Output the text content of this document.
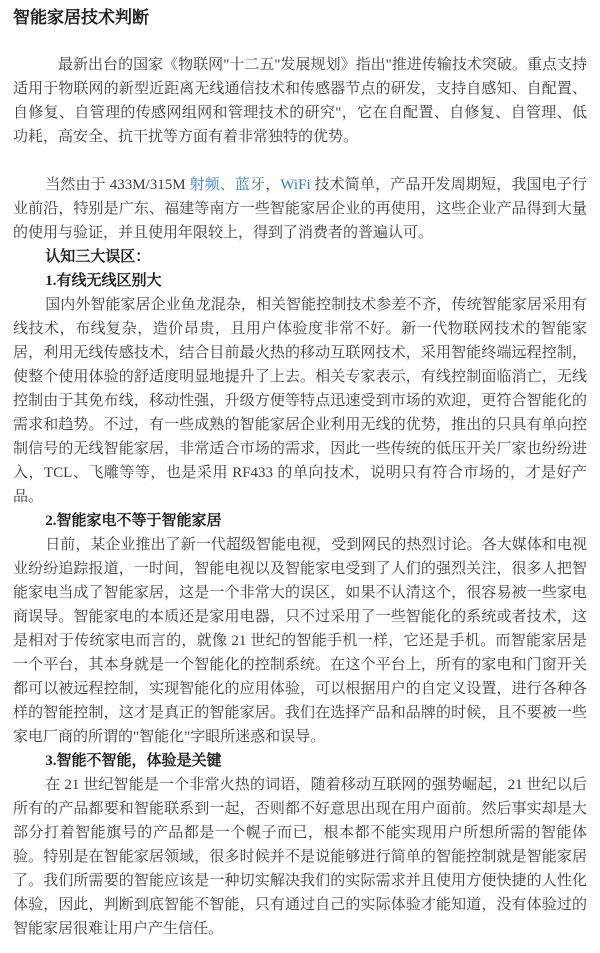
智能家居技术判断

最新出台的国家《物联网"十二五"发展规划》指出"推进传输技术突破。重点支持适用于物联网的新型近距离无线通信技术和传感器节点的研发，支持自感知、自配置、自修复、自管理的传感网组网和管理技术的研究"，它在自配置、自修复、自管理、低功耗，高安全、抗干扰等方面有着非常独特的优势。

当然由于 433M/315M 射频、蓝牙，WiFi 技术简单，产品开发周期短，我国电子行业前沿，特别是广东、福建等南方一些智能家居企业的再使用，这些企业产品得到大量的使用与验证，并且使用年限较上，得到了消费者的普遍认可。

认知三大误区：

1.有线无线区别大

国内外智能家居企业鱼龙混杂，相关智能控制技术参差不齐，传统智能家居采用有线技术，布线复杂，造价昂贵，且用户体验度非常不好。新一代物联网技术的智能家居，利用无线传感技术，结合目前最火热的移动互联网技术，采用智能终端远程控制，使整个使用体验的舒适度明显地提升了上去。相关专家表示，有线控制面临消亡，无线控制由于其免布线，移动性强，升级方便等特点迅速受到市场的欢迎，更符合智能化的需求和趋势。不过，有一些成熟的智能家居企业利用无线的优势，推出的只具有单向控制信号的无线智能家居，非常适合市场的需求，因此一些传统的低压开关厂家也纷纷进入，TCL、飞雕等等，也是采用 RF433 的单向技术，说明只有符合市场的，才是好产品。

2.智能家电不等于智能家居

日前，某企业推出了新一代超级智能电视，受到网民的热烈讨论。各大媒体和电视业纷纷追踪报道，一时间，智能电视以及智能家电受到了人们的强烈关注，很多人把智能家电当成了智能家居，这是一个非常大的误区，如果不认清这个，很容易被一些家电商误导。智能家电的本质还是家用电器，只不过采用了一些智能化的系统或者技术，这是相对于传统家电而言的，就像 21 世纪的智能手机一样，它还是手机。而智能家居是一个平台，其本身就是一个智能化的控制系统。在这个平台上，所有的家电和门窗开关都可以被远程控制，实现智能化的应用体验，可以根据用户的自定义设置，进行各种各样的智能控制，这才是真正的智能家居。我们在选择产品和品牌的时候，且不要被一些家电厂商的所谓的"智能化"字眼所迷惑和误导。

3.智能不智能，体验是关键

在 21 世纪智能是一个非常火热的词语，随着移动互联网的强势崛起，21 世纪以后所有的产品都要和智能联系到一起，否则都不好意思出现在用户面前。然后事实却是大部分打着智能旗号的产品都是一个幌子而已，根本都不能实现用户所想所需的智能体验。特别是在智能家居领域，很多时候并不是说能够进行简单的智能控制就是智能家居了。我们所需要的智能应该是一种切实解决我们的实际需求并且使用方便快捷的人性化体验，因此，判断到底智能不智能，只有通过自己的实际体验才能知道，没有体验过的智能家居很难让用户产生信任。
